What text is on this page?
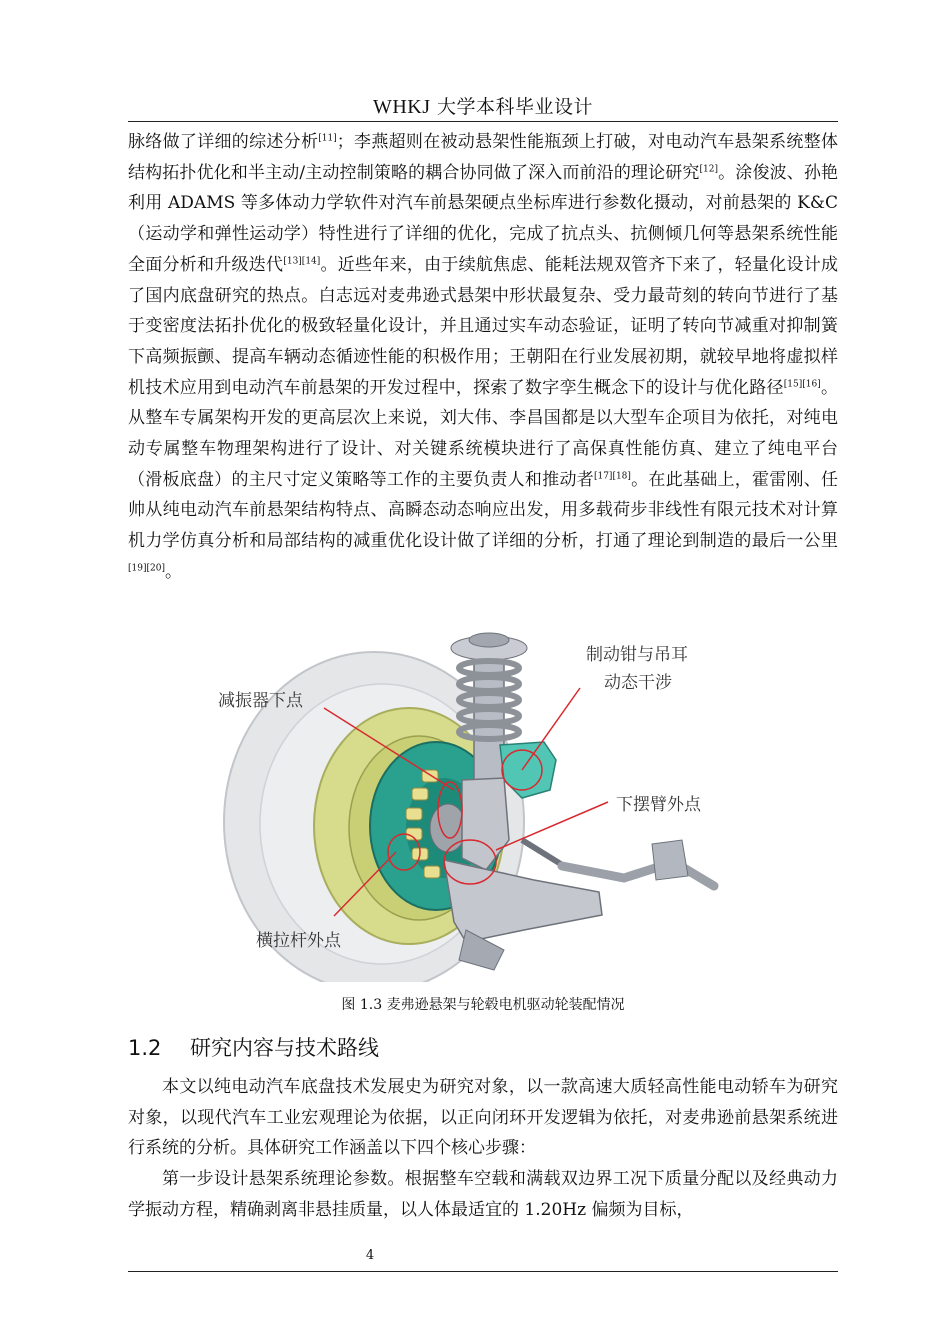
WHKJ 大学本科毕业设计

脉络做了详细的综述分析[11]；李燕超则在被动悬架性能瓶颈上打破，对电动汽车悬架系统整体结构拓扑优化和半主动/主动控制策略的耦合协同做了深入而前沿的理论研究[12]。涂俊波、孙艳利用 ADAMS 等多体动力学软件对汽车前悬架硬点坐标库进行参数化摄动，对前悬架的 K&C（运动学和弹性运动学）特性进行了详细的优化，完成了抗点头、抗侧倾几何等悬架系统性能全面分析和升级迭代[13][14]。近些年来，由于续航焦虑、能耗法规双管齐下来了，轻量化设计成了国内底盘研究的热点。白志远对麦弗逊式悬架中形状最复杂、受力最苛刻的转向节进行了基于变密度法拓扑优化的极致轻量化设计，并且通过实车动态验证，证明了转向节减重对抑制簧下高频振颤、提高车辆动态循迹性能的积极作用；王朝阳在行业发展初期，就较早地将虚拟样机技术应用到电动汽车前悬架的开发过程中，探索了数字孪生概念下的设计与优化路径[15][16]。从整车专属架构开发的更高层次上来说，刘大伟、李昌国都是以大型车企项目为依托，对纯电动专属整车物理架构进行了设计、对关键系统模块进行了高保真性能仿真、建立了纯电平台（滑板底盘）的主尺寸定义策略等工作的主要负责人和推动者[17][18]。在此基础上，霍雷刚、任帅从纯电动汽车前悬架结构特点、高瞬态动态响应出发，用多载荷步非线性有限元技术对计算机力学仿真分析和局部结构的减重优化设计做了详细的分析，打通了理论到制造的最后一公里[19][20]。

减振器下点
制动钳与吊耳
动态干涉
下摆臂外点
横拉杆外点
图 1.3 麦弗逊悬架与轮毂电机驱动轮装配情况
1.2 研究内容与技术路线

本文以纯电动汽车底盘技术发展史为研究对象，以一款高速大质轻高性能电动轿车为研究对象，以现代汽车工业宏观理论为依据，以正向闭环开发逻辑为依托，对麦弗逊前悬架系统进行系统的分析。具体研究工作涵盖以下四个核心步骤：

第一步设计悬架系统理论参数。根据整车空载和满载双边界工况下质量分配以及经典动力学振动方程，精确剥离非悬挂质量，以人体最适宜的 1.20Hz 偏频为目标，

4
